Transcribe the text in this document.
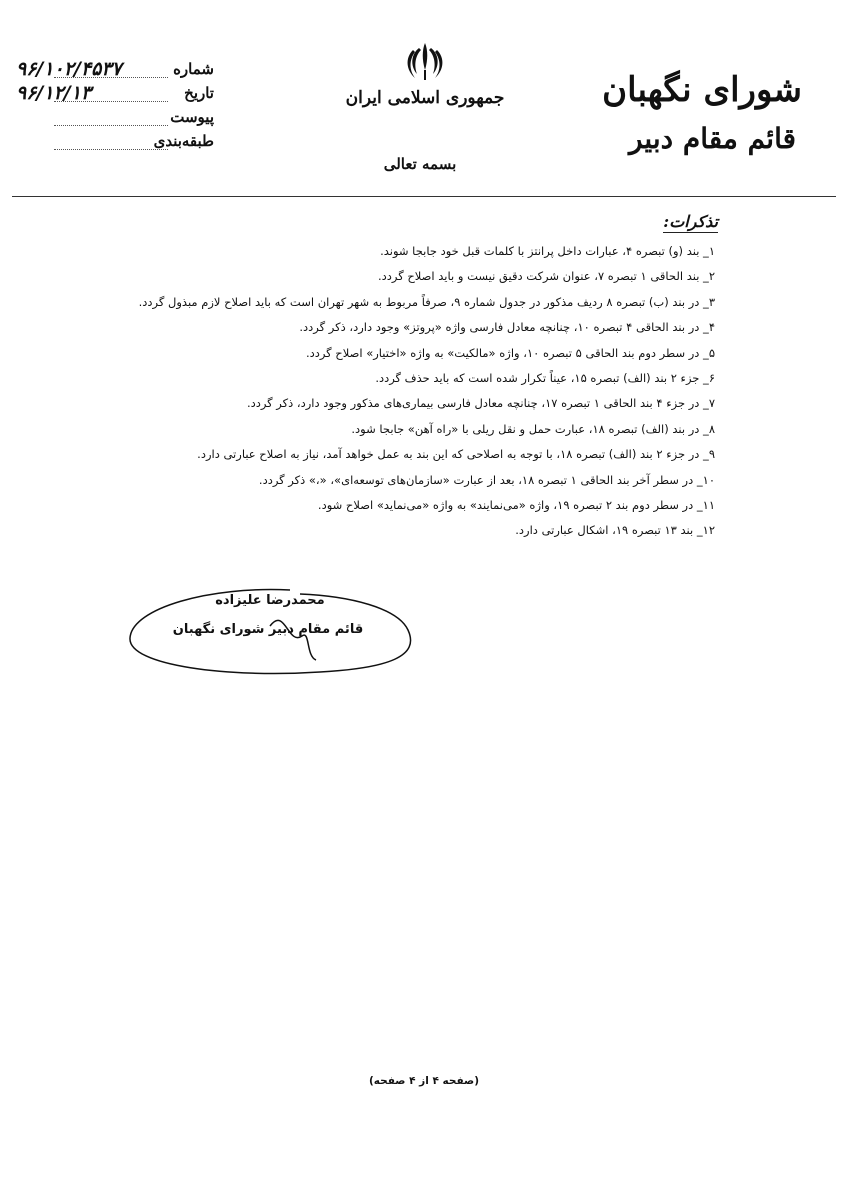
شورای نگهبان
قائم مقام دبیر
جمهوری اسلامی ایران
بسمه تعالی
شماره
۹۶/۱۰۲/۴۵۳۷
تاریخ
۹۶/۱۲/۱۳
پیوست
طبقه‌بندی
تذکرات:
۱_ بند (و) تبصره ۴، عبارات داخل پرانتز با کلمات قبل خود جابجا شوند.
۲_ بند الحاقی ۱ تبصره ۷، عنوان شرکت دقیق نیست و باید اصلاح گردد.
۳_ در بند (ب) تبصره ۸ ردیف مذکور در جدول شماره ۹، صرفاً مربوط به شهر تهران است که باید اصلاح لازم مبذول گردد.
۴_ در بند الحاقی ۴ تبصره ۱۰، چنانچه معادل فارسی واژه «پروتز» وجود دارد، ذکر گردد.
۵_ در سطر دوم بند الحاقی ۵ تبصره ۱۰، واژه «مالکیت» به واژه «اختیار» اصلاح گردد.
۶_ جزء ۲ بند (الف) تبصره ۱۵، عیناً تکرار شده است که باید حذف گردد.
۷_ در جزء ۴ بند الحاقی ۱ تبصره ۱۷، چنانچه معادل فارسی بیماری‌های مذکور وجود دارد، ذکر گردد.
۸_ در بند (الف) تبصره ۱۸، عبارت حمل و نقل ریلی با «راه آهن» جابجا شود.
۹_ در جزء ۲ بند (الف) تبصره ۱۸، با توجه به اصلاحی که این بند به عمل خواهد آمد، نیاز به اصلاح عبارتی دارد.
۱۰_ در سطر آخر بند الحاقی ۱ تبصره ۱۸، بعد از عبارت «سازمان‌های توسعه‌ای»، «،» ذکر گردد.
۱۱_ در سطر دوم بند ۲ تبصره ۱۹، واژه «می‌نمایند» به واژه «می‌نماید» اصلاح شود.
۱۲_ بند ۱۳ تبصره ۱۹، اشکال عبارتی دارد.
محمدرضا علیزاده
قائم مقام دبیر شورای نگهبان
(صفحه ۴ از ۴ صفحه)
